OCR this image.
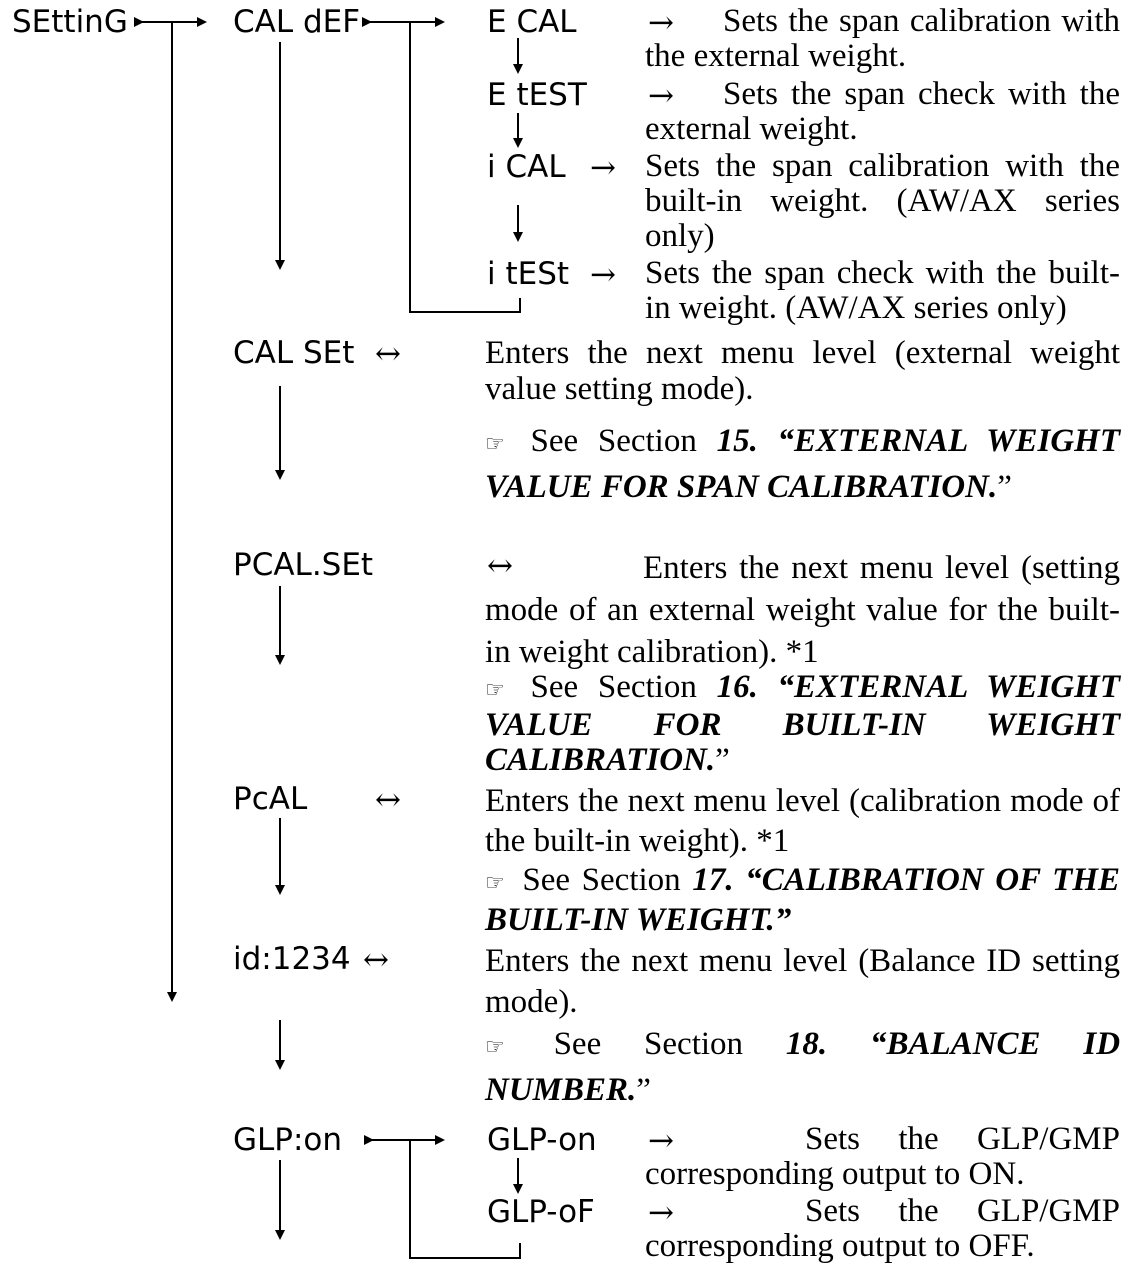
SEttinG	CAL dEF	E CAL →	Sets the span calibration with the external weight.

E tEST →	Sets the span check with the external weight.

i CAL → Sets the span calibration with the built-in weight. (AW/AX series only)

i tESt → Sets the span check with the built-in weight. (AW/AX series only)

CAL SEt ↔	Enters the next menu level (external weight value setting mode).

☞ See Section 15. “EXTERNAL WEIGHT VALUE FOR SPAN CALIBRATION.”

PCAL.SEt	↔	Enters the next menu level (setting mode of an external weight value for the built-in weight calibration). *1

☞ See Section 16. “EXTERNAL WEIGHT VALUE FOR BUILT-IN WEIGHT CALIBRATION.”

PcAL ↔	Enters the next menu level (calibration mode of the built-in weight). *1

☞ See Section 17. “CALIBRATION OF THE BUILT-IN WEIGHT.”

id:1234 ↔	Enters the next menu level (Balance ID setting mode).

☞ See Section 18. “BALANCE ID NUMBER.”

GLP:on	GLP-on →	Sets the GLP/GMP corresponding output to ON.

GLP-oF →	Sets the GLP/GMP corresponding output to OFF.
